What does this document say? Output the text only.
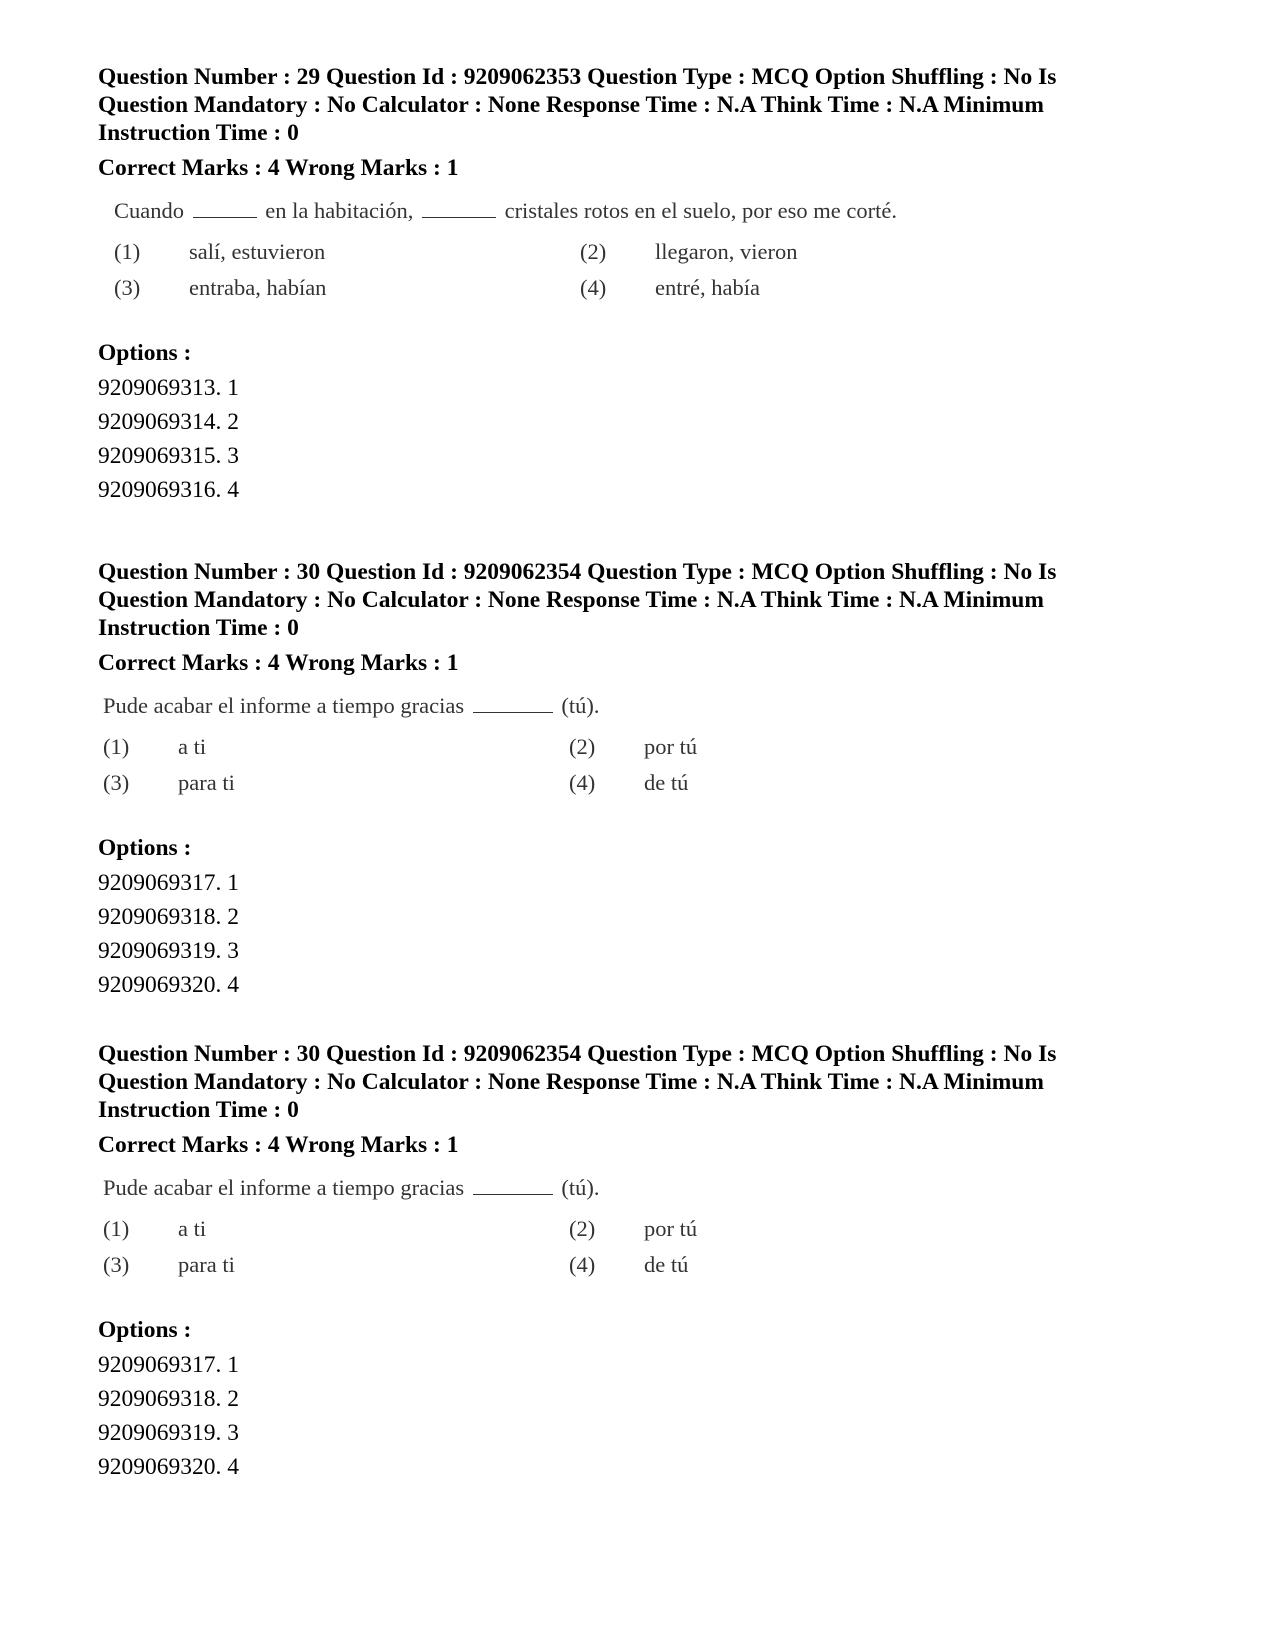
Question Number : 29 Question Id : 9209062353 Question Type : MCQ Option Shuffling : No Is
Question Mandatory : No Calculator : None Response Time : N.A Think Time : N.A Minimum
Instruction Time : 0
Correct Marks : 4 Wrong Marks : 1
Cuando	en la habitación,	cristales rotos en el suelo, por eso me corté.
(1) salí, estuvieron	(2) llegaron, vieron
(3) entraba, habían	(4) entré, había
Options :
9209069313. 1
9209069314. 2
9209069315. 3
9209069316. 4
Question Number : 30 Question Id : 9209062354 Question Type : MCQ Option Shuffling : No Is
Question Mandatory : No Calculator : None Response Time : N.A Think Time : N.A Minimum
Instruction Time : 0
Correct Marks : 4 Wrong Marks : 1
Pude acabar el informe a tiempo gracias	(tú).
(1) a ti	(2) por tú
(3) para ti	(4) de tú
Options :
9209069317. 1
9209069318. 2
9209069319. 3
9209069320. 4
Question Number : 30 Question Id : 9209062354 Question Type : MCQ Option Shuffling : No Is
Question Mandatory : No Calculator : None Response Time : N.A Think Time : N.A Minimum
Instruction Time : 0
Correct Marks : 4 Wrong Marks : 1
Pude acabar el informe a tiempo gracias	(tú).
(1) a ti	(2) por tú
(3) para ti	(4) de tú
Options :
9209069317. 1
9209069318. 2
9209069319. 3
9209069320. 4
